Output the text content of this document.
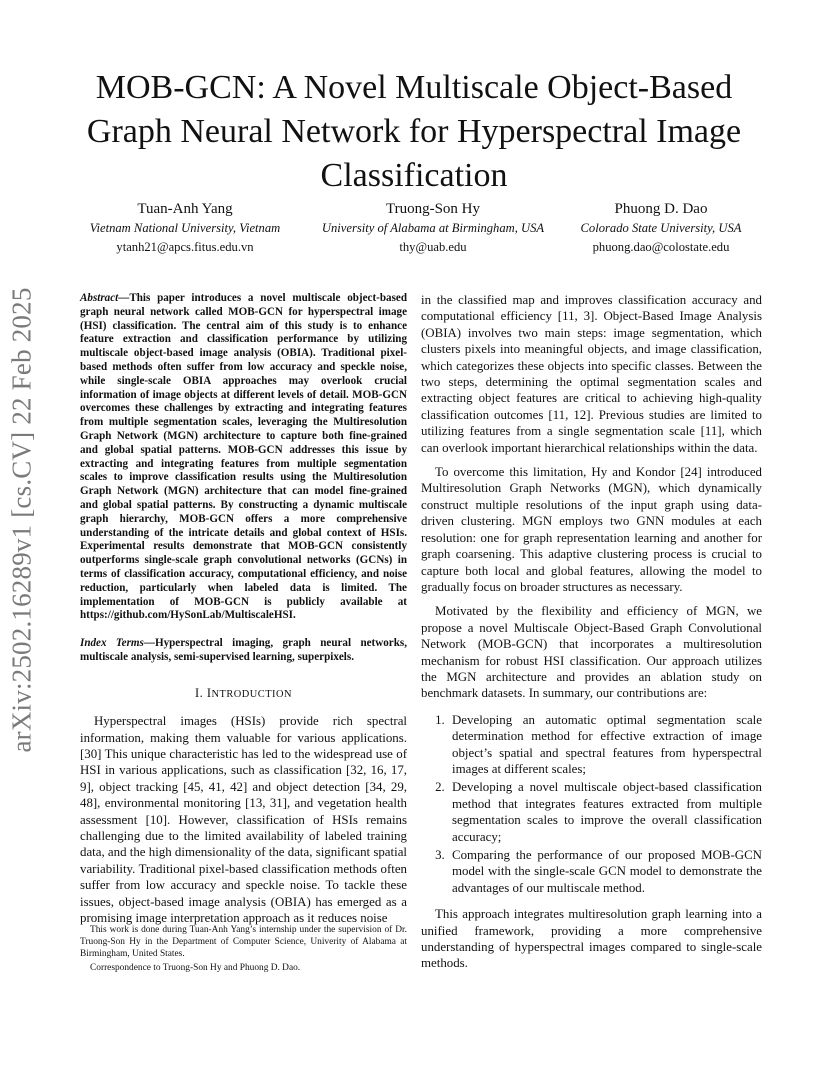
arXiv:2502.16289v1 [cs.CV] 22 Feb 2025
MOB-GCN: A Novel Multiscale Object-Based Graph Neural Network for Hyperspectral Image Classification
Tuan-Anh Yang
Vietnam National University, Vietnam
ytanh21@apcs.fitus.edu.vn
Truong-Son Hy
University of Alabama at Birmingham, USA
thy@uab.edu
Phuong D. Dao
Colorado State University, USA
phuong.dao@colostate.edu

Abstract—This paper introduces a novel multiscale object-based graph neural network called MOB-GCN for hyperspectral image (HSI) classification. The central aim of this study is to enhance feature extraction and classification performance by utilizing multiscale object-based image analysis (OBIA). Traditional pixel-based methods often suffer from low accuracy and speckle noise, while single-scale OBIA approaches may overlook crucial information of image objects at different levels of detail. MOB-GCN overcomes these challenges by extracting and integrating features from multiple segmentation scales, leveraging the Multiresolution Graph Network (MGN) architecture to capture both fine-grained and global spatial patterns. MOB-GCN addresses this issue by extracting and integrating features from multiple segmentation scales to improve classification results using the Multiresolution Graph Network (MGN) architecture that can model fine-grained and global spatial patterns. By constructing a dynamic multiscale graph hierarchy, MOB-GCN offers a more comprehensive understanding of the intricate details and global context of HSIs. Experimental results demonstrate that MOB-GCN consistently outperforms single-scale graph convolutional networks (GCNs) in terms of classification accuracy, computational efficiency, and noise reduction, particularly when labeled data is limited. The implementation of MOB-GCN is publicly available at https://github.com/HySonLab/MultiscaleHSI.

Index Terms—Hyperspectral imaging, graph neural networks, multiscale analysis, semi-supervised learning, superpixels.

I. INTRODUCTION

Hyperspectral images (HSIs) provide rich spectral information, making them valuable for various applications. [30] This unique characteristic has led to the widespread use of HSI in various applications, such as classification [32, 16, 17, 9], object tracking [45, 41, 42] and object detection [34, 29, 48], environmental monitoring [13, 31], and vegetation health assessment [10]. However, classification of HSIs remains challenging due to the limited availability of labeled training data, and the high dimensionality of the data, significant spatial variability. Traditional pixel-based classification methods often suffer from low accuracy and speckle noise. To tackle these issues, object-based image analysis (OBIA) has emerged as a promising image interpretation approach as it reduces noise

This work is done during Tuan-Anh Yang’s internship under the supervision of Dr. Truong-Son Hy in the Department of Computer Science, Univerity of Alabama at Birmingham, United States.

Correspondence to Truong-Son Hy and Phuong D. Dao.

in the classified map and improves classification accuracy and computational efficiency [11, 3]. Object-Based Image Analysis (OBIA) involves two main steps: image segmentation, which clusters pixels into meaningful objects, and image classification, which categorizes these objects into specific classes. Between the two steps, determining the optimal segmentation scales and extracting object features are critical to achieving high-quality classification outcomes [11, 12]. Previous studies are limited to utilizing features from a single segmentation scale [11], which can overlook important hierarchical relationships within the data.

To overcome this limitation, Hy and Kondor [24] introduced Multiresolution Graph Networks (MGN), which dynamically construct multiple resolutions of the input graph using data-driven clustering. MGN employs two GNN modules at each resolution: one for graph representation learning and another for graph coarsening. This adaptive clustering process is crucial to capture both local and global features, allowing the model to gradually focus on broader structures as necessary.

Motivated by the flexibility and efficiency of MGN, we propose a novel Multiscale Object-Based Graph Convolutional Network (MOB-GCN) that incorporates a multiresolution mechanism for robust HSI classification. Our approach utilizes the MGN architecture and provides an ablation study on benchmark datasets. In summary, our contributions are:

1. Developing an automatic optimal segmentation scale determination method for effective extraction of image object’s spatial and spectral features from hyperspectral images at different scales;
2. Developing a novel multiscale object-based classification method that integrates features extracted from multiple segmentation scales to improve the overall classification accuracy;
3. Comparing the performance of our proposed MOB-GCN model with the single-scale GCN model to demonstrate the advantages of our multiscale method.

This approach integrates multiresolution graph learning into a unified framework, providing a more comprehensive understanding of hyperspectral images compared to single-scale methods.
